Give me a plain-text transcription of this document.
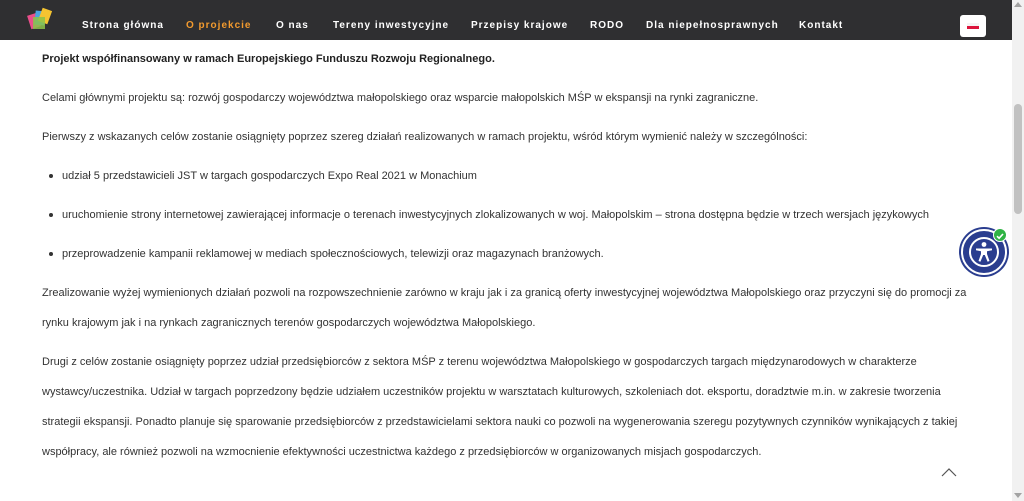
Strona główna O projekcie O nas Tereny inwestycyjne Przepisy krajowe RODO Dla niepełnosprawnych Kontakt

Projekt współfinansowany w ramach Europejskiego Funduszu Rozwoju Regionalnego.

Celami głównymi projektu są: rozwój gospodarczy województwa małopolskiego oraz wsparcie małopolskich MŚP w ekspansji na rynki zagraniczne.

Pierwszy z wskazanych celów zostanie osiągnięty poprzez szereg działań realizowanych w ramach projektu, wśród którym wymienić należy w szczególności:

udział 5 przedstawicieli JST w targach gospodarczych Expo Real 2021 w Monachium
uruchomienie strony internetowej zawierającej informacje o terenach inwestycyjnych zlokalizowanych w woj. Małopolskim – strona dostępna będzie w trzech wersjach językowych
przeprowadzenie kampanii reklamowej w mediach społecznościowych, telewizji oraz magazynach branżowych.

Zrealizowanie wyżej wymienionych działań pozwoli na rozpowszechnienie zarówno w kraju jak i za granicą oferty inwestycyjnej województwa Małopolskiego oraz przyczyni się do promocji za
rynku krajowym jak i na rynkach zagranicznych terenów gospodarczych województwa Małopolskiego.

Drugi z celów zostanie osiągnięty poprzez udział przedsiębiorców z sektora MŚP z terenu województwa Małopolskiego w gospodarczych targach międzynarodowych w charakterze
wystawcy/uczestnika. Udział w targach poprzedzony będzie udziałem uczestników projektu w warsztatach kulturowych, szkoleniach dot. eksportu, doradztwie m.in. w zakresie tworzenia
strategii ekspansji. Ponadto planuje się sparowanie przedsiębiorców z przedstawicielami sektora nauki co pozwoli na wygenerowania szeregu pozytywnych czynników wynikających z takiej
współpracy, ale również pozwoli na wzmocnienie efektywności uczestnictwa każdego z przedsiębiorców w organizowanych misjach gospodarczych.
